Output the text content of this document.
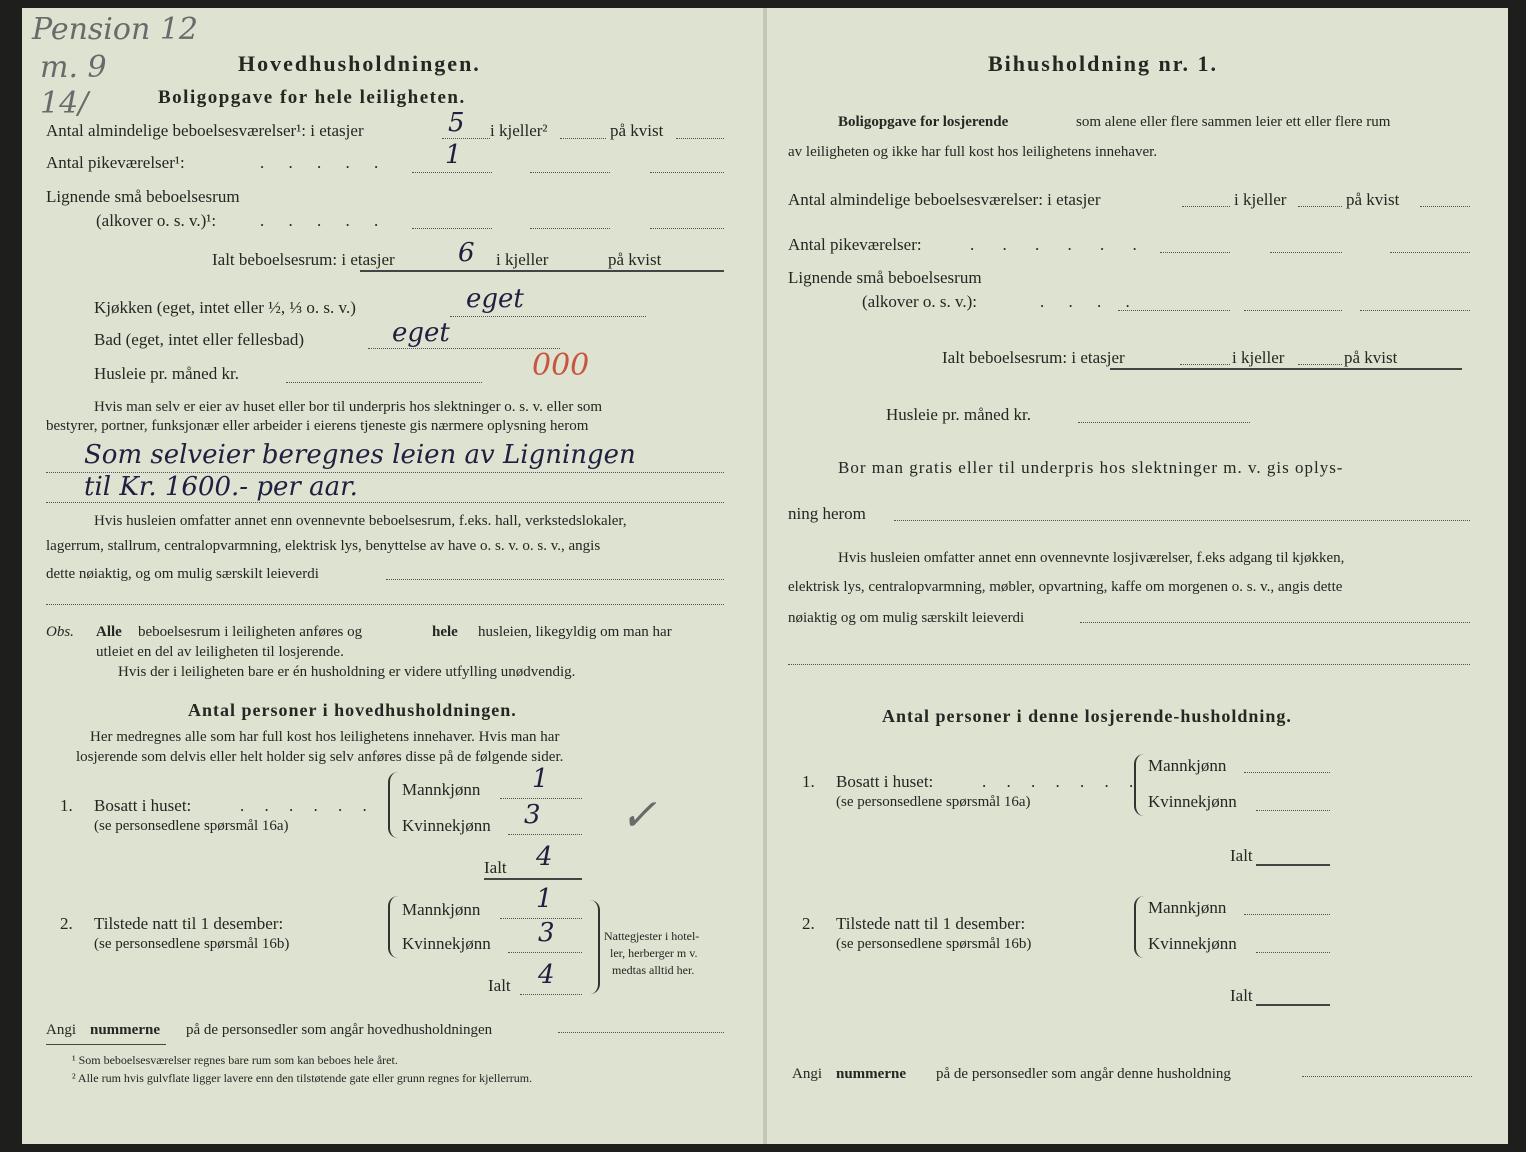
Pension 12
m. 9
14/
Hovedhusholdningen.
Boligopgave for hele leiligheten.
Antal almindelige beboelsesværelser¹: i etasjer	5 i kjeller²	på kvist
Antal pikeværelser¹:	. . . . . 1
Lignende små beboelsesrum
(alkover o. s. v.)¹:	. . . . .
Ialt beboelsesrum: i etasjer 6 i kjeller	på kvist
Kjøkken (eget, intet eller ½, ⅓ o. s. v.)	eget
Bad (eget, intet eller fellesbad)	eget
Husleie pr. måned kr.	000
Hvis man selv er eier av huset eller bor til underpris hos slektninger o. s. v. eller som
bestyrer, portner, funksjonær eller arbeider i eierens tjeneste gis nærmere oplysning herom
Som selveier beregnes leien av Ligningen
til Kr. 1600.- per aar.
Hvis husleien omfatter annet enn ovennevnte beboelsesrum, f.eks. hall, verkstedslokaler,
lagerrum, stallrum, centralopvarmning, elektrisk lys, benyttelse av have o. s. v. o. s. v., angis
dette nøiaktig, og om mulig særskilt leieverdi
Obs. Alle beboelsesrum i leiligheten anføres og	hele husleien, likegyldig om man har
utleiet en del av leiligheten til losjerende.
Hvis der i leiligheten bare er én husholdning er videre utfylling unødvendig.
Antal personer i hovedhusholdningen.
Her medregnes alle som har full kost hos leilighetens innehaver. Hvis man har
losjerende som delvis eller helt holder sig selv anføres disse på de følgende sider.
1. Bosatt i huset:	. . . . . .
(se personsedlene spørsmål 16a)
Mannkjønn 1
Kvinnekjønn 3
Ialt 4
✓
2. Tilstede natt til 1 desember:
(se personsedlene spørsmål 16b)
Mannkjønn 1
Kvinnekjønn 3
Ialt 4
Nattegjester i hotel-
ler, herberger m v.
medtas alltid her.
Angi nummerne på de personsedler som angår hovedhusholdningen
¹ Som beboelsesværelser regnes bare rum som kan beboes hele året.
² Alle rum hvis gulvflate ligger lavere enn den tilstøtende gate eller grunn regnes for kjellerrum.
Bihusholdning nr. 1.
Boligopgave for losjerende	som alene eller flere sammen leier ett eller flere rum
av leiligheten og ikke har full kost hos leilighetens innehaver.
Antal almindelige beboelsesværelser: i etasjer	i kjeller	på kvist
Antal pikeværelser:	. . . . . .
Lignende små beboelsesrum
(alkover o. s. v.):	. . . .
Ialt beboelsesrum: i etasjer	i kjeller	på kvist
Husleie pr. måned kr.
Bor man gratis eller til underpris hos slektninger m. v. gis oplys-
ning herom
Hvis husleien omfatter annet enn ovennevnte losjiværelser, f.eks adgang til kjøkken,
elektrisk lys, centralopvarmning, møbler, opvartning, kaffe om morgenen o. s. v., angis dette
nøiaktig og om mulig særskilt leieverdi
Antal personer i denne losjerende-husholdning.
1. Bosatt i huset:	. . . . . . .
(se personsedlene spørsmål 16a)
Mannkjønn
Kvinnekjønn
Ialt
2. Tilstede natt til 1 desember:
(se personsedlene spørsmål 16b)
Mannkjønn
Kvinnekjønn
Ialt
Angi nummerne på de personsedler som angår denne husholdning
